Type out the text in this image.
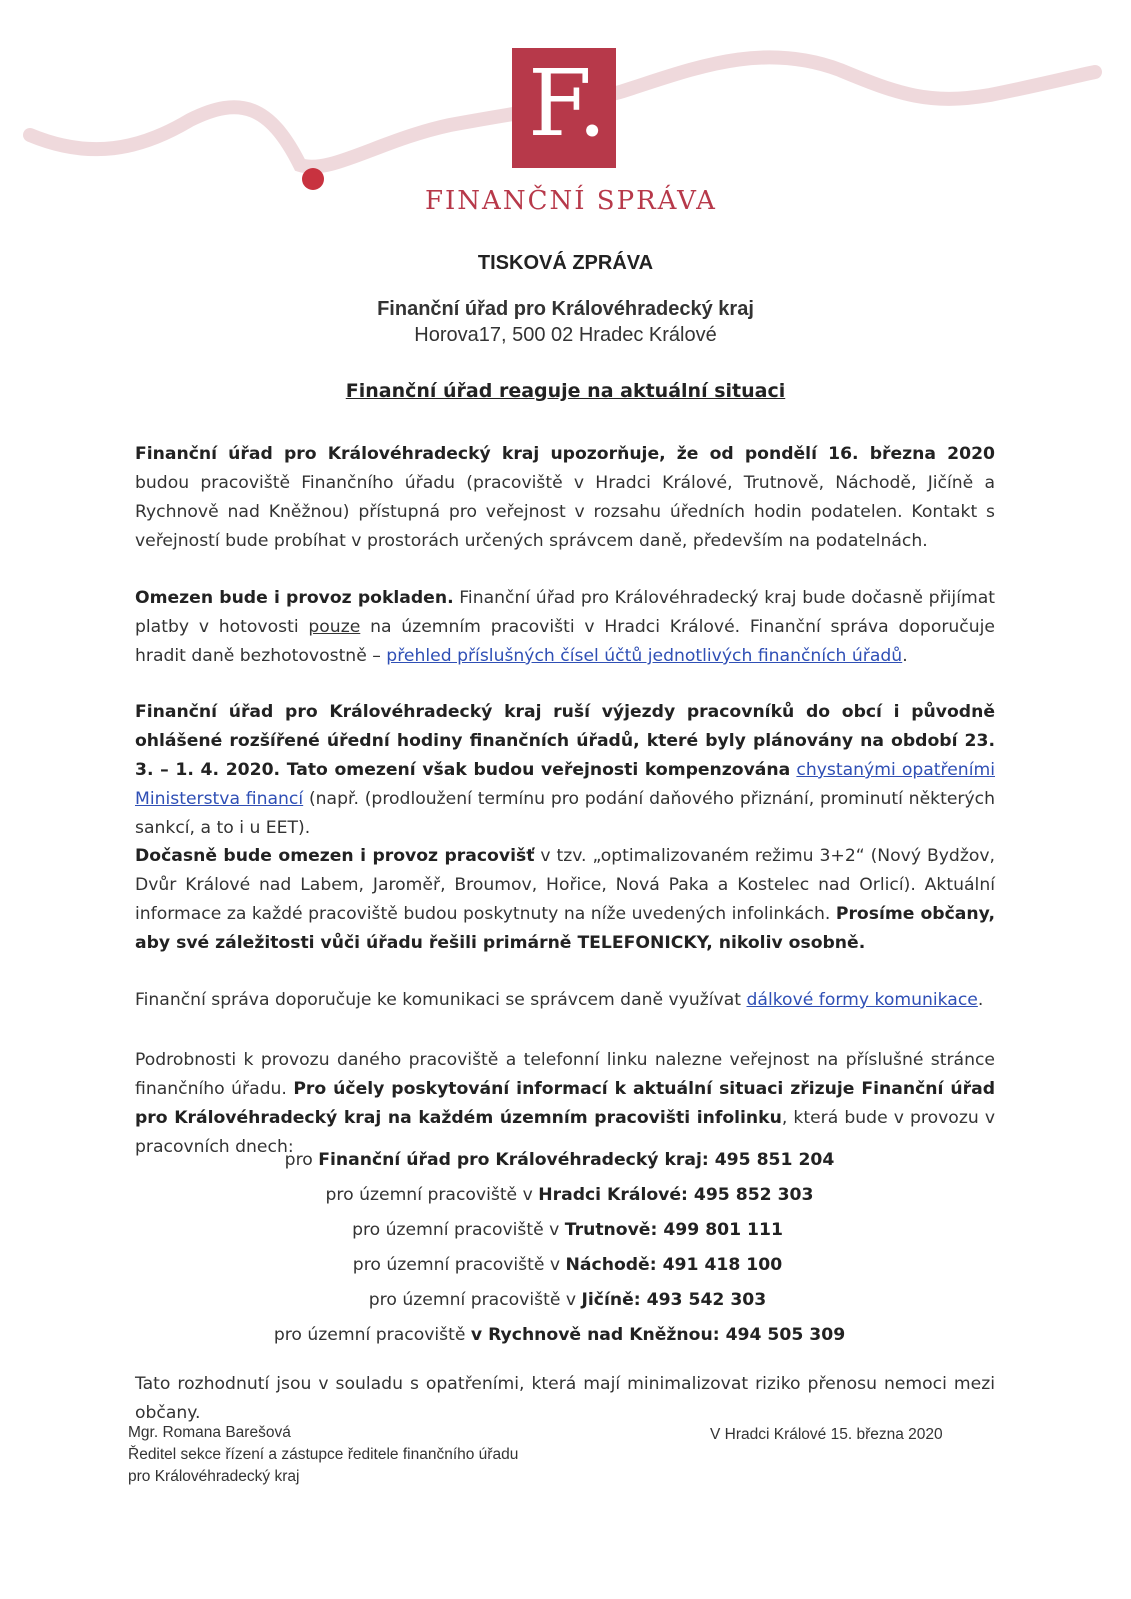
F.
FINANČNÍ SPRÁVA
TISKOVÁ ZPRÁVA
Finanční úřad pro Královéhradecký kraj
Horova17, 500 02 Hradec Králové
Finanční úřad reaguje na aktuální situaci
Finanční úřad pro Královéhradecký kraj upozorňuje, že od pondělí 16. března 2020 budou pracoviště Finančního úřadu (pracoviště v Hradci Králové, Trutnově, Náchodě, Jičíně a Rychnově nad Kněžnou) přístupná pro veřejnost v rozsahu úředních hodin podatelen. Kontakt s veřejností bude probíhat v prostorách určených správcem daně, především na podatelnách.
Omezen bude i provoz pokladen. Finanční úřad pro Královéhradecký kraj bude dočasně přijímat platby v hotovosti pouze na územním pracovišti v Hradci Králové. Finanční správa doporučuje hradit daně bezhotovostně – přehled příslušných čísel účtů jednotlivých finančních úřadů.
Finanční úřad pro Královéhradecký kraj ruší výjezdy pracovníků do obcí i původně ohlášené rozšířené úřední hodiny finančních úřadů, které byly plánovány na období 23. 3. – 1. 4. 2020. Tato omezení však budou veřejnosti kompenzována chystanými opatřeními Ministerstva financí (např. (prodloužení termínu pro podání daňového přiznání, prominutí některých sankcí, a to i u EET).
Dočasně bude omezen i provoz pracovišť v tzv. „optimalizovaném režimu 3+2“ (Nový Bydžov, Dvůr Králové nad Labem, Jaroměř, Broumov, Hořice, Nová Paka a Kostelec nad Orlicí). Aktuální informace za každé pracoviště budou poskytnuty na níže uvedených infolinkách. Prosíme občany, aby své záležitosti vůči úřadu řešili primárně TELEFONICKY, nikoliv osobně.
Finanční správa doporučuje ke komunikaci se správcem daně využívat dálkové formy komunikace.
Podrobnosti k provozu daného pracoviště a telefonní linku nalezne veřejnost na příslušné stránce finančního úřadu. Pro účely poskytování informací k aktuální situaci zřizuje Finanční úřad pro Královéhradecký kraj na každém územním pracovišti infolinku, která bude v provozu v pracovních dnech:
pro Finanční úřad pro Královéhradecký kraj: 495 851 204
pro územní pracoviště v Hradci Králové: 495 852 303
pro územní pracoviště v Trutnově: 499 801 111
pro územní pracoviště v Náchodě: 491 418 100
pro územní pracoviště v Jičíně: 493 542 303
pro územní pracoviště v Rychnově nad Kněžnou: 494 505 309
Tato rozhodnutí jsou v souladu s opatřeními, která mají minimalizovat riziko přenosu nemoci mezi občany.
Mgr. Romana Barešová
Ředitel sekce řízení a zástupce ředitele finančního úřadu
pro Královéhradecký kraj
V Hradci Králové 15. března 2020
